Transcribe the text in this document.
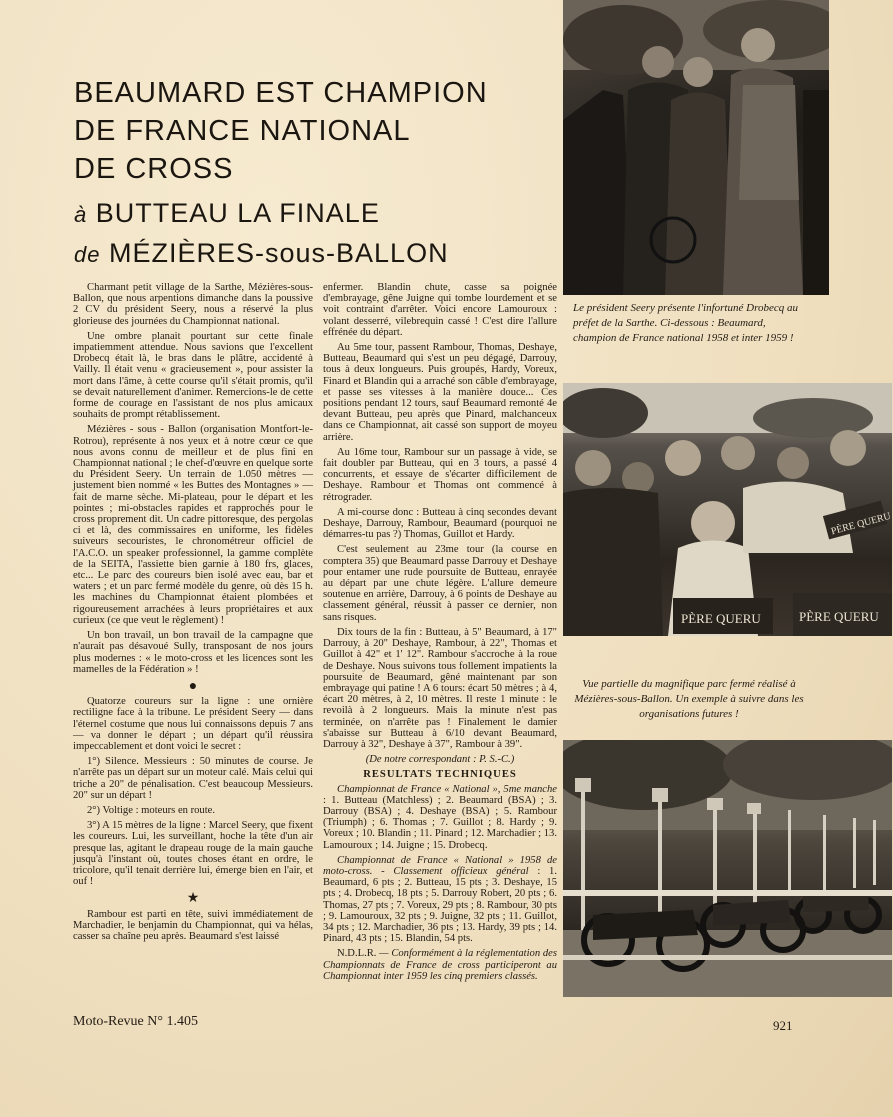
BEAUMARD EST CHAMPION
DE FRANCE NATIONAL
DE CROSS
à BUTTEAU LA FINALE
de MÉZIÈRES-sous-BALLON

Charmant petit village de la Sarthe, Mézières-sous-Ballon, que nous arpentions dimanche dans la poussive 2 CV du président Seery, nous a réservé la plus glorieuse des journées du Championnat national.

Une ombre planait pourtant sur cette finale impatiemment attendue. Nous savions que l'excellent Drobecq était là, le bras dans le plâtre, accidenté à Vailly. Il était venu « gracieusement », pour assister la mort dans l'âme, à cette course qu'il s'était promis, qu'il se devait naturellement d'animer. Remercions-le de cette forme de courage en l'assistant de nos plus amicaux souhaits de prompt rétablissement.

Mézières - sous - Ballon (organisation Montfort-le-Rotrou), représente à nos yeux et à notre cœur ce que nous avons connu de meilleur et de plus fini en Championnat national ; le chef-d'œuvre en quelque sorte du Président Seery. Un terrain de 1.050 mètres — justement bien nommé « les Buttes des Montagnes » — fait de marne sèche. Mi-plateau, pour le départ et les pointes ; mi-obstacles rapides et rapprochés pour le cross proprement dit. Un cadre pittoresque, des pergolas ci et là, des commissaires en uniforme, les fidèles suiveurs secouristes, le chronométreur officiel de l'A.C.O. un speaker professionnel, la gamme complète de la SEITA, l'assiette bien garnie à 180 frs, glaces, etc... Le parc des coureurs bien isolé avec eau, bar et waters ; et un parc fermé modèle du genre, où dès 15 h. les machines du Championnat étaient plombées et rigoureusement arrachées à leurs propriétaires et aux curieux (ce que veut le règlement) !

Un bon travail, un bon travail de la campagne que n'aurait pas désavoué Sully, transposant de nos jours plus modernes : « le moto-cross et les licences sont les mamelles de la Fédération » !

●

Quatorze coureurs sur la ligne : une ornière rectiligne face à la tribune. Le président Seery — dans l'éternel costume que nous lui connaissons depuis 7 ans — va donner le départ ; un départ qu'il réussira impeccablement et dont voici le secret :

1°) Silence. Messieurs : 50 minutes de course. Je n'arrête pas un départ sur un moteur calé. Mais celui qui triche a 20" de pénalisation. C'est beaucoup Messieurs. 20" sur un départ !

2°) Voltige : moteurs en route.

3°) A 15 mètres de la ligne : Marcel Seery, que fixent les coureurs. Lui, les surveillant, hoche la tête d'un air presque las, agitant le drapeau rouge de la main gauche jusqu'à l'instant où, toutes choses étant en ordre, le tricolore, qu'il tenait derrière lui, émerge bien en l'air, et ouf !

★

Rambour est parti en tête, suivi immédiatement de Marchadier, le benjamin du Championnat, qui va hélas, casser sa chaîne peu après. Beaumard s'est laissé

enfermer. Blandin chute, casse sa poignée d'embrayage, gêne Juigne qui tombe lourdement et se voit contraint d'arrêter. Voici encore Lamouroux : volant desserré, vilebrequin cassé ! C'est dire l'allure effrénée du départ.

Au 5me tour, passent Rambour, Thomas, Deshaye, Butteau, Beaumard qui s'est un peu dégagé, Darrouy, tous à deux longueurs. Puis groupés, Hardy, Voreux, Finard et Blandin qui a arraché son câble d'embrayage, et passe ses vitesses à la manière douce... Ces positions pendant 12 tours, sauf Beaumard remonté 4e devant Butteau, peu après que Pinard, malchanceux dans ce Championnat, ait cassé son support de moyeu arrière.

Au 16me tour, Rambour sur un passage à vide, se fait doubler par Butteau, qui en 3 tours, a passé 4 concurrents, et essaye de s'écarter difficilement de Deshaye. Rambour et Thomas ont commencé à rétrograder.

A mi-course donc : Butteau à cinq secondes devant Deshaye, Darrouy, Rambour, Beaumard (pourquoi ne démarres-tu pas ?) Thomas, Guillot et Hardy.

C'est seulement au 23me tour (la course en comptera 35) que Beaumard passe Darrouy et Deshaye pour entamer une rude poursuite de Butteau, enrayée au départ par une chute légère. L'allure demeure soutenue en arrière, Darrouy, à 6 points de Deshaye au classement général, réussit à passer ce dernier, non sans risques.

Dix tours de la fin : Butteau, à 5" Beaumard, à 17" Darrouy, à 20" Deshaye, Rambour, à 22", Thomas et Guillot à 42" et 1' 12". Rambour s'accroche à la roue de Deshaye. Nous suivons tous follement impatients la poursuite de Beaumard, gêné maintenant par son embrayage qui patine ! A 6 tours: écart 50 mètres ; à 4, écart 20 mètres, à 2, 10 mètres. Il reste 1 minute : le revoilà à 2 longueurs. Mais la minute n'est pas terminée, on n'arrête pas ! Finalement le damier s'abaisse sur Butteau à 6/10 devant Beaumard, Darrouy à 32", Deshaye à 37", Rambour à 39".

(De notre correspondant : P. S.-C.)

RESULTATS TECHNIQUES

Championnat de France « National », 5me manche : 1. Butteau (Matchless) ; 2. Beaumard (BSA) ; 3. Darrouy (BSA) ; 4. Deshaye (BSA) ; 5. Rambour (Triumph) ; 6. Thomas ; 7. Guillot ; 8. Hardy ; 9. Voreux ; 10. Blandin ; 11. Pinard ; 12. Marchadier ; 13. Lamouroux ; 14. Juigne ; 15. Drobecq.

Championnat de France « National » 1958 de moto-cross. - Classement officieux général : 1. Beaumard, 6 pts ; 2. Butteau, 15 pts ; 3. Deshaye, 15 pts ; 4. Drobecq, 18 pts ; 5. Darrouy Robert, 20 pts ; 6. Thomas, 27 pts ; 7. Voreux, 29 pts ; 8. Rambour, 30 pts ; 9. Lamouroux, 32 pts ; 9. Juigne, 32 pts ; 11. Guillot, 34 pts ; 12. Marchadier, 36 pts ; 13. Hardy, 39 pts ; 14. Pinard, 43 pts ; 15. Blandin, 54 pts.

N.D.L.R. — Conformément à la réglementation des Championnats de France de cross participeront au Championnat inter 1959 les cinq premiers classés.

Le président Seery présente l'infortuné Drobecq au préfet de la Sarthe. Ci-dessous : Beaumard, champion de France national 1958 et inter 1959 !
PÈRE QUERU	PÈRE QUERU
PÈRE QUERU
Vue partielle du magnifique parc fermé réalisé à Mézières-sous-Ballon. Un exemple à suivre dans les organisations futures !
Moto-Revue N° 1.405	921
